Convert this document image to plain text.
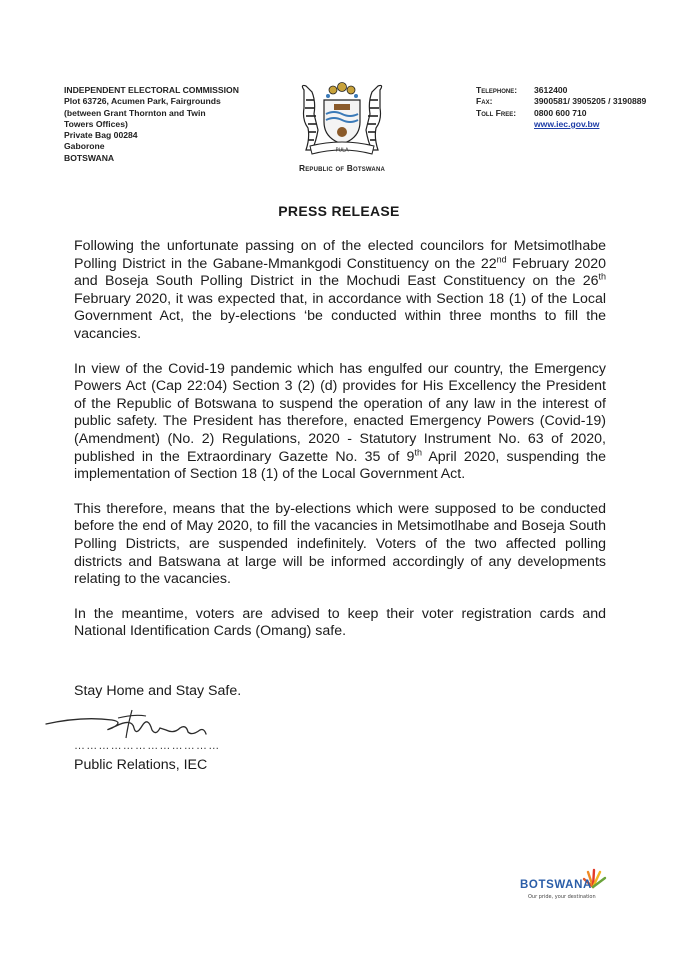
INDEPENDENT ELECTORAL COMMISSION
Plot 63726, Acumen Park, Fairgrounds
(between Grant Thornton and Twin
Towers Offices)
Private Bag 00284
Gaborone
BOTSWANA
PULA
Republic of Botswana
Telephone: 3612400
Fax:	3900581/ 3905205 / 3190889
Toll Free: 0800 600 710
www.iec.gov.bw
PRESS RELEASE

Following the unfortunate passing on of the elected councilors for Metsimotlhabe Polling District in the Gabane-Mmankgodi Constituency on the 22nd February 2020 and Boseja South Polling District in the Mochudi East Constituency on the 26th February 2020, it was expected that, in accordance with Section 18 (1) of the Local Government Act, the by-elections ‘be conducted within three months to fill the vacancies.

In view of the Covid-19 pandemic which has engulfed our country, the Emergency Powers Act (Cap 22:04) Section 3 (2) (d) provides for His Excellency the President of the Republic of Botswana to suspend the operation of any law in the interest of public safety. The President has therefore, enacted Emergency Powers (Covid-19) (Amendment) (No. 2) Regulations, 2020 - Statutory Instrument No. 63 of 2020, published in the Extraordinary Gazette No. 35 of 9th April 2020, suspending the implementation of Section 18 (1) of the Local Government Act.

This therefore, means that the by-elections which were supposed to be conducted before the end of May 2020, to fill the vacancies in Metsimotlhabe and Boseja South Polling Districts, are suspended indefinitely. Voters of the two affected polling districts and Batswana at large will be informed accordingly of any developments relating to the vacancies.

In the meantime, voters are advised to keep their voter registration cards and National Identification Cards (Omang) safe.

Stay Home and Stay Safe.
………………………………
Public Relations, IEC
BOTSWANA
Our pride, your destination
